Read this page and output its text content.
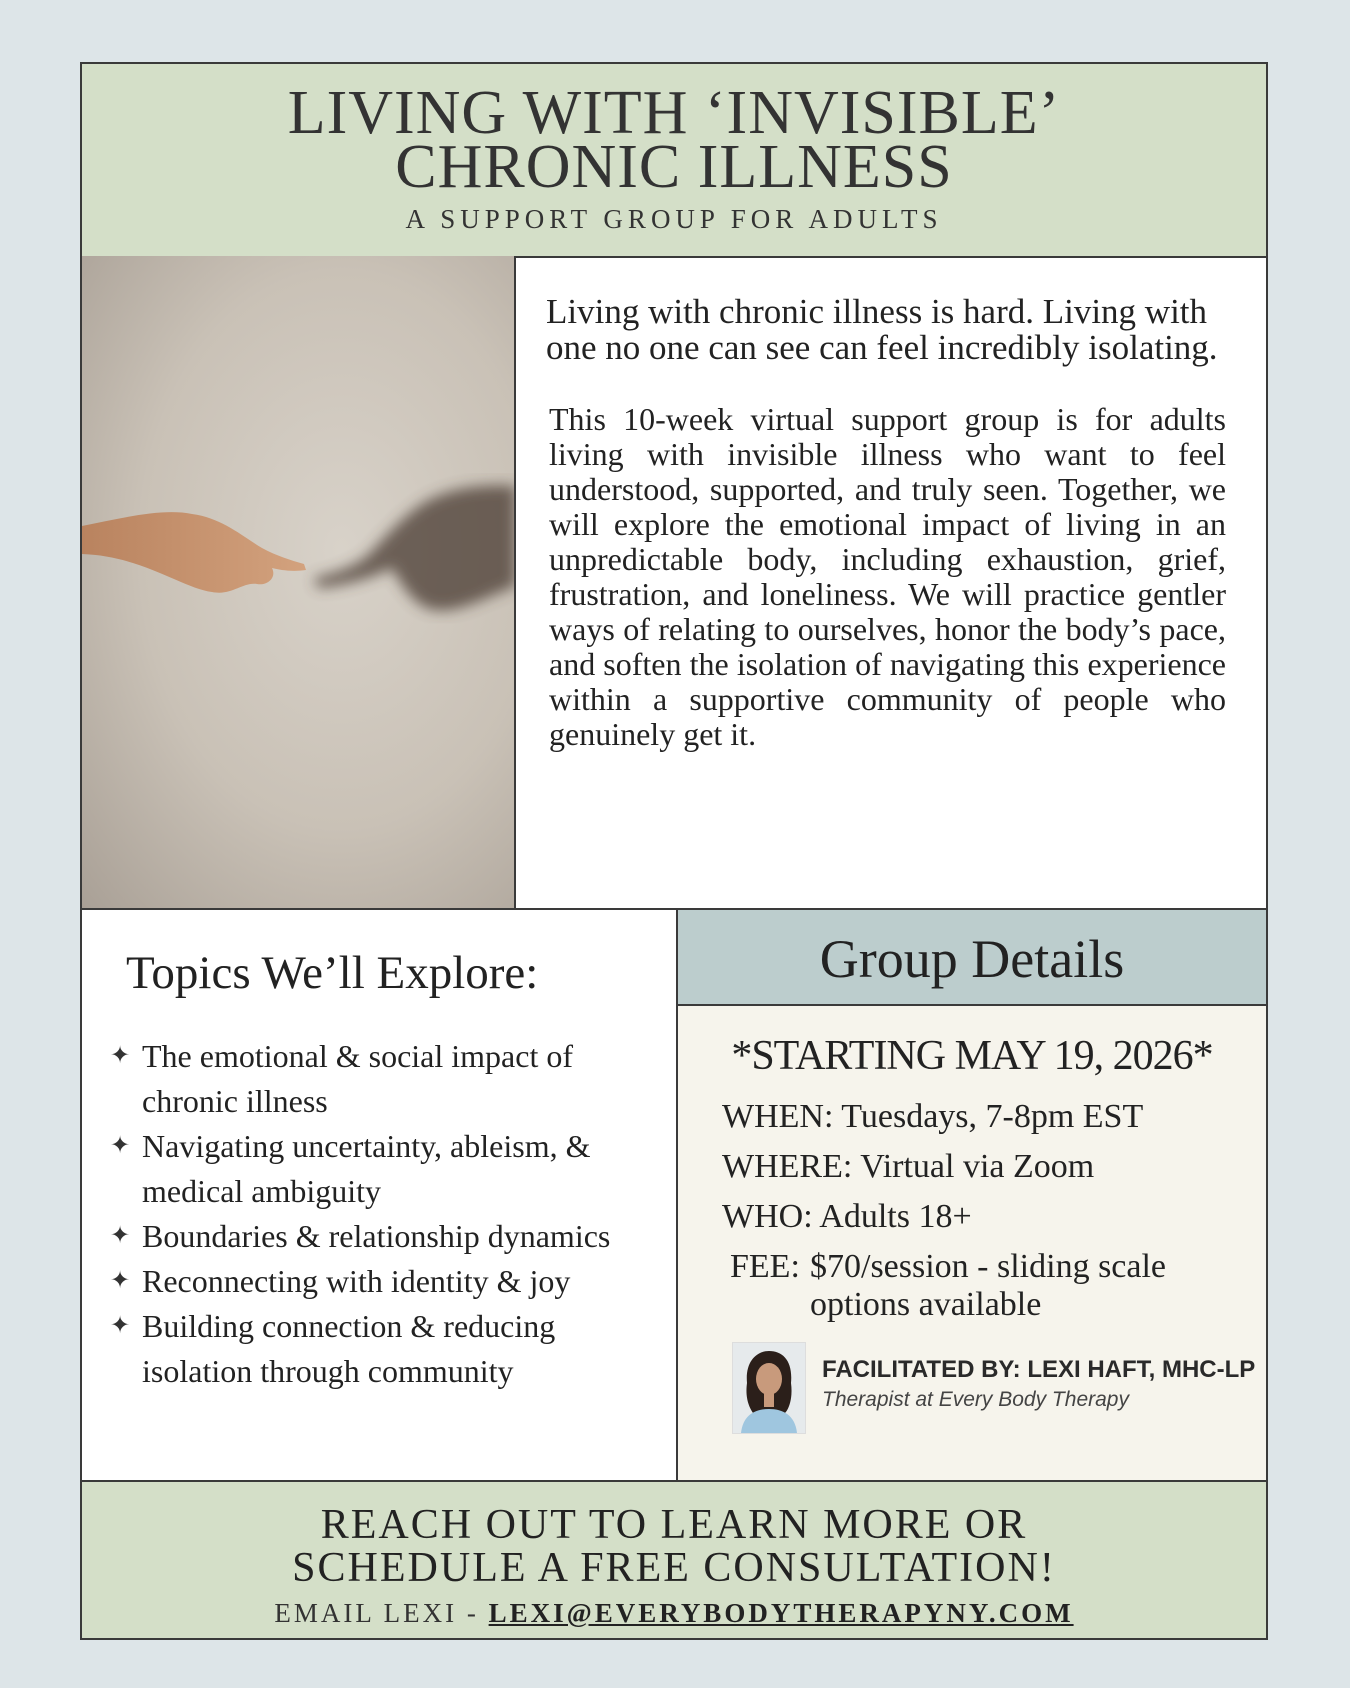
LIVING WITH ‘INVISIBLE’
CHRONIC ILLNESS
A SUPPORT GROUP FOR ADULTS

Living with chronic illness is hard. Living with one no one can see can feel incredibly isolating.

This 10-week virtual support group is for adults living with invisible illness who want to feel understood, supported, and truly seen. Together, we will explore the emotional impact of living in an unpredictable body, including exhaustion, grief, frustration, and loneliness. We will practice gentler ways of relating to ourselves, honor the body’s pace, and soften the isolation of navigating this experience within a supportive community of people who genuinely get it.

Topics We’ll Explore:
✦ The emotional & social impact of chronic illness
✦ Navigating uncertainty, ableism, & medical ambiguity
✦ Boundaries & relationship dynamics
✦ Reconnecting with identity & joy
✦ Building connection & reducing isolation through community
Group Details
*STARTING MAY 19, 2026*
WHEN: Tuesdays, 7-8pm EST
WHERE: Virtual via Zoom
WHO: Adults 18+
FEE: $70/session - sliding scale options available
FACILITATED BY: LEXI HAFT, MHC-LP
Therapist at Every Body Therapy
REACH OUT TO LEARN MORE OR
SCHEDULE A FREE CONSULTATION!
EMAIL LEXI - LEXI@EVERYBODYTHERAPYNY.COM
